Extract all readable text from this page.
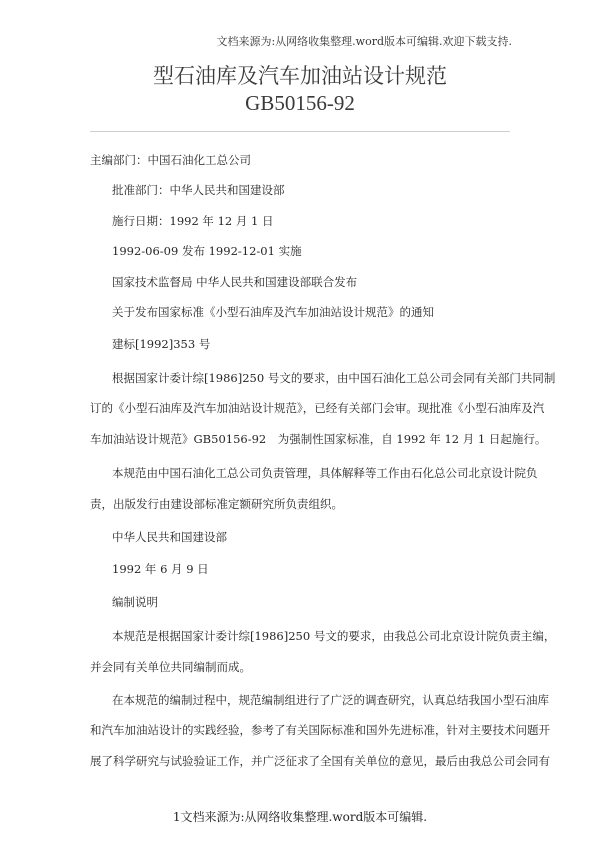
文档来源为:从网络收集整理.word版本可编辑.欢迎下载支持.
型石油库及汽车加油站设计规范
GB50156-92
主编部门：中国石油化工总公司
批准部门：中华人民共和国建设部
施行日期：1992 年 12 月 1 日
1992-06-09 发布 1992-12-01 实施
国家技术监督局 中华人民共和国建设部联合发布
关于发布国家标准《小型石油库及汽车加油站设计规范》的通知
建标[1992]353 号
根据国家计委计综[1986]250 号文的要求，由中国石油化工总公司会同有关部门共同制
订的《小型石油库及汽车加油站设计规范》，已经有关部门会审。现批准《小型石油库及汽
车加油站设计规范》GB50156-92　为强制性国家标准，自 1992 年 12 月 1 日起施行。
本规范由中国石油化工总公司负责管理，具体解释等工作由石化总公司北京设计院负
责，出版发行由建设部标准定额研究所负责组织。
中华人民共和国建设部
1992 年 6 月 9 日
编制说明
本规范是根据国家计委计综[1986]250 号文的要求，由我总公司北京设计院负责主编，
并会同有关单位共同编制而成。
在本规范的编制过程中，规范编制组进行了广泛的调查研究，认真总结我国小型石油库
和汽车加油站设计的实践经验，参考了有关国际标准和国外先进标准，针对主要技术问题开
展了科学研究与试验验证工作，并广泛征求了全国有关单位的意见，最后由我总公司会同有
1文档来源为:从网络收集整理.word版本可编辑.
